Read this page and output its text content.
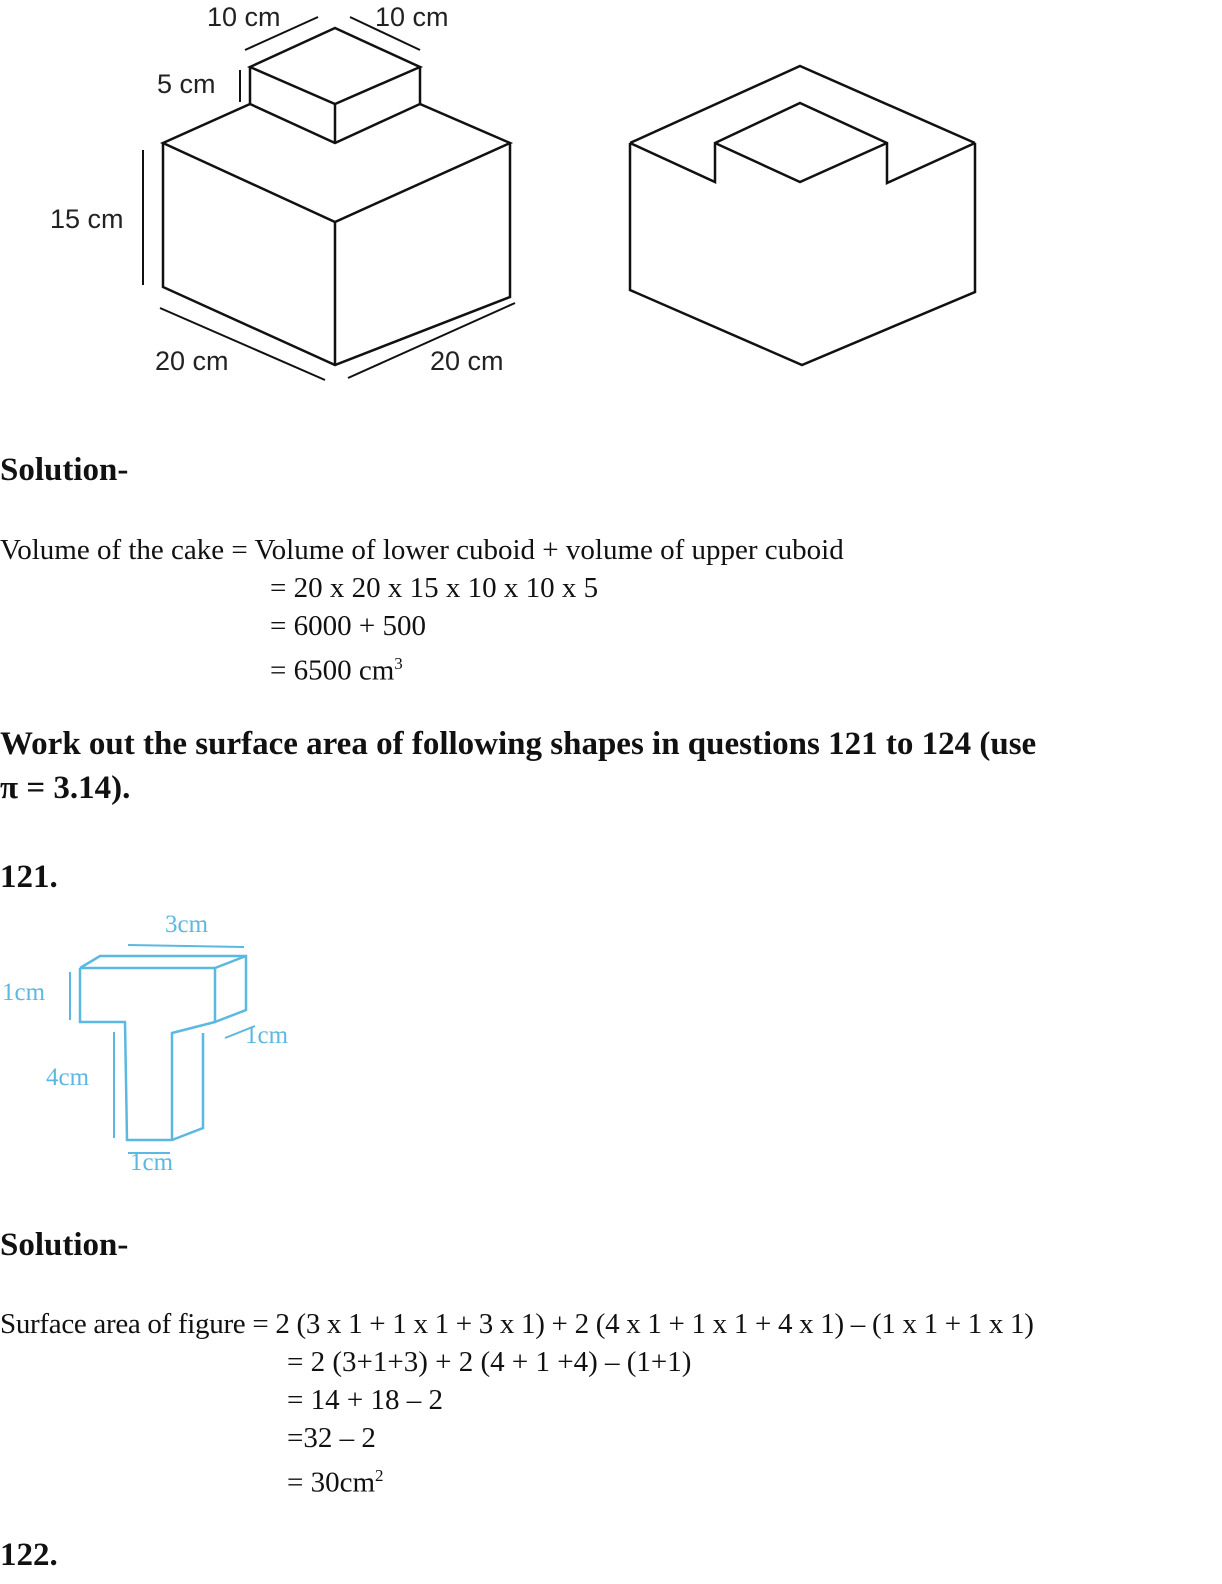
10 cm	10 cm
5 cm
15 cm
20 cm	20 cm
3cm
1cm
1cm
4cm
1cm
Solution-
Volume of the cake = Volume of lower cuboid + volume of upper cuboid
= 20 x 20 x 15 x 10 x 10 x 5
= 6000 + 500
= 6500 $cm^3$
Work out the surface area of following shapes in questions 121 to 124 (use
π = 3.14).
121.
Solution-
Surface area of figure = 2 (3 x 1 + 1 x 1 + 3 x 1) + 2 (4 x 1 + 1 x 1 + 4 x 1) – (1 x 1 + 1 x 1)
= 2 (3+1+3) + 2 (4 + 1 +4) – (1+1)
= 14 + 18 – 2
=32 – 2
= $30cm^2$
122.
